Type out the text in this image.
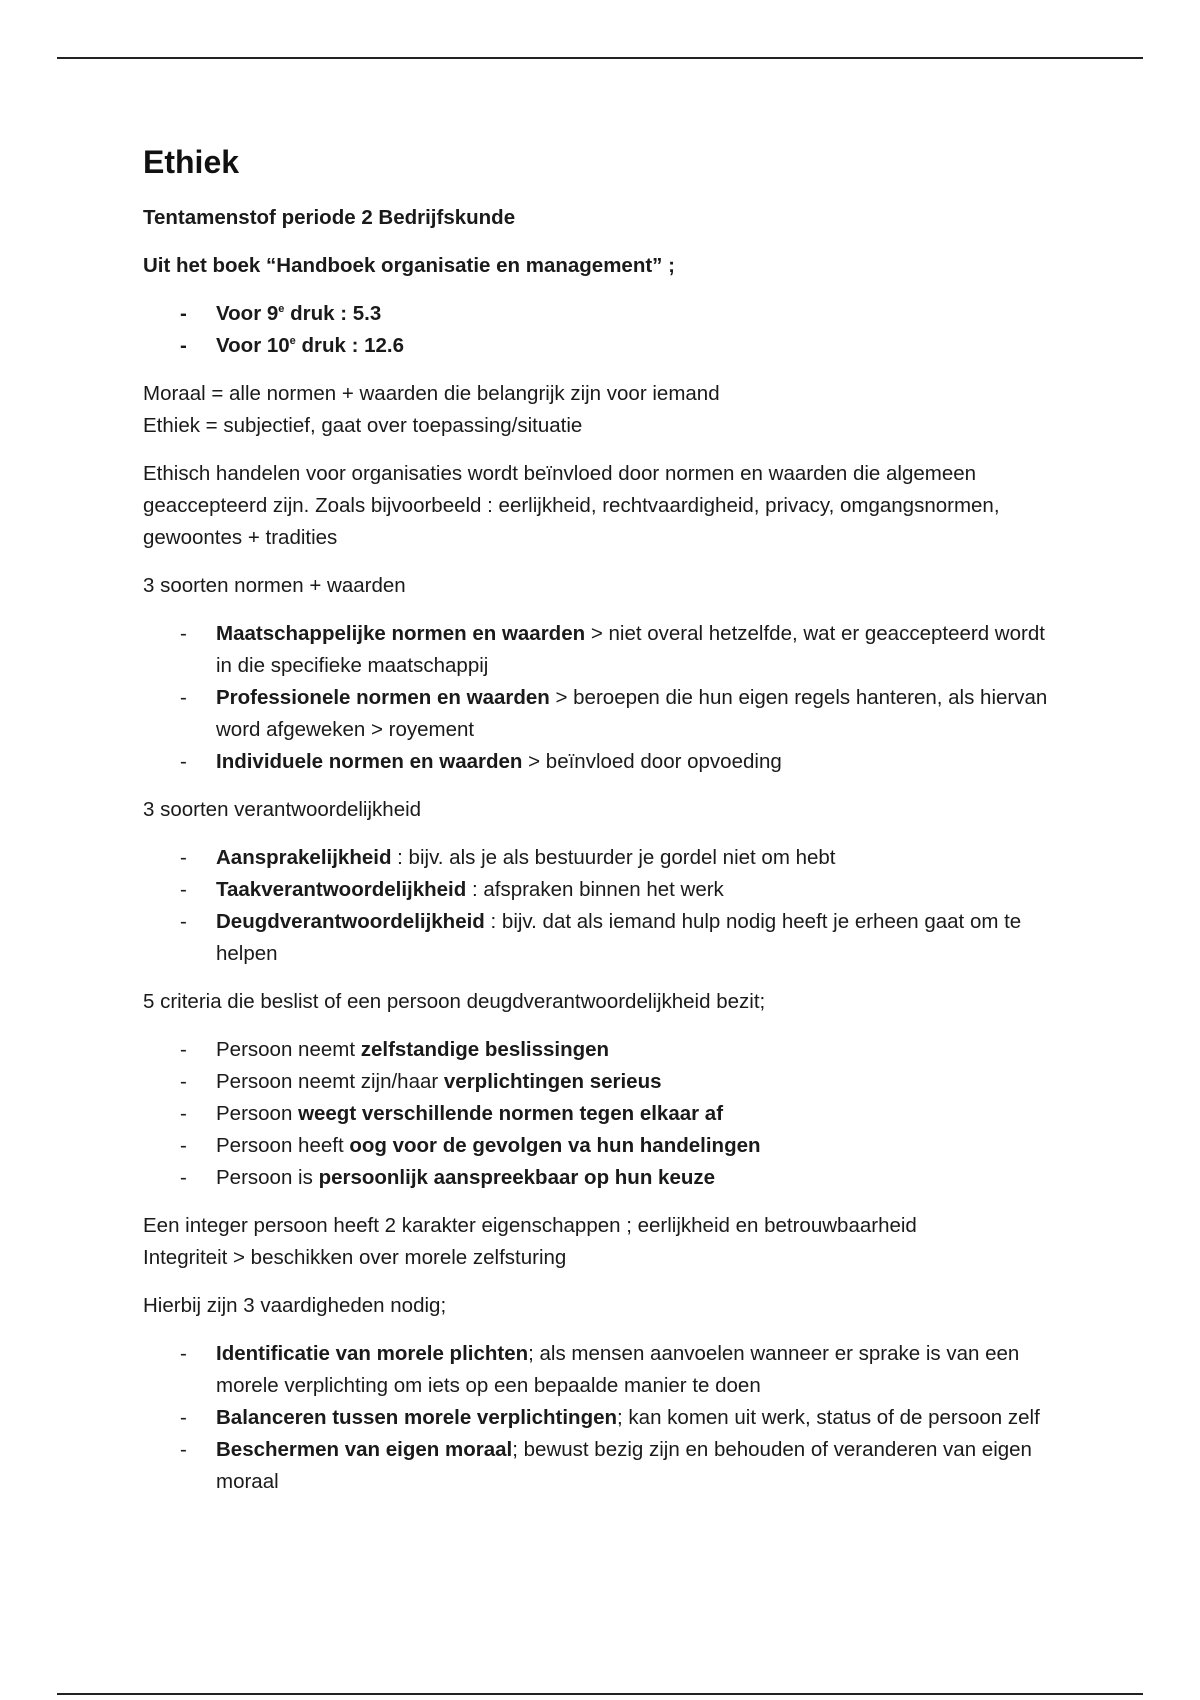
Ethiek

Tentamenstof periode 2 Bedrijfskunde

Uit het boek “Handboek organisatie en management” ;

- Voor 9e druk : 5.3
- Voor 10e druk : 12.6

Moraal = alle normen + waarden die belangrijk zijn voor iemand
Ethiek = subjectief, gaat over toepassing/situatie

Ethisch handelen voor organisaties wordt beïnvloed door normen en waarden die algemeen geaccepteerd zijn. Zoals bijvoorbeeld : eerlijkheid, rechtvaardigheid, privacy, omgangsnormen, gewoontes + tradities

3 soorten normen + waarden

- Maatschappelijke normen en waarden > niet overal hetzelfde, wat er geaccepteerd wordt in die specifieke maatschappij
- Professionele normen en waarden > beroepen die hun eigen regels hanteren, als hiervan word afgeweken > royement
- Individuele normen en waarden > beïnvloed door opvoeding

3 soorten verantwoordelijkheid

- Aansprakelijkheid : bijv. als je als bestuurder je gordel niet om hebt
- Taakverantwoordelijkheid : afspraken binnen het werk
- Deugdverantwoordelijkheid : bijv. dat als iemand hulp nodig heeft je erheen gaat om te helpen

5 criteria die beslist of een persoon deugdverantwoordelijkheid bezit;

- Persoon neemt zelfstandige beslissingen
- Persoon neemt zijn/haar verplichtingen serieus
- Persoon weegt verschillende normen tegen elkaar af
- Persoon heeft oog voor de gevolgen va hun handelingen
- Persoon is persoonlijk aanspreekbaar op hun keuze

Een integer persoon heeft 2 karakter eigenschappen ; eerlijkheid en betrouwbaarheid
Integriteit > beschikken over morele zelfsturing

Hierbij zijn 3 vaardigheden nodig;

- Identificatie van morele plichten; als mensen aanvoelen wanneer er sprake is van een morele verplichting om iets op een bepaalde manier te doen
- Balanceren tussen morele verplichtingen; kan komen uit werk, status of de persoon zelf
- Beschermen van eigen moraal; bewust bezig zijn en behouden of veranderen van eigen moraal
